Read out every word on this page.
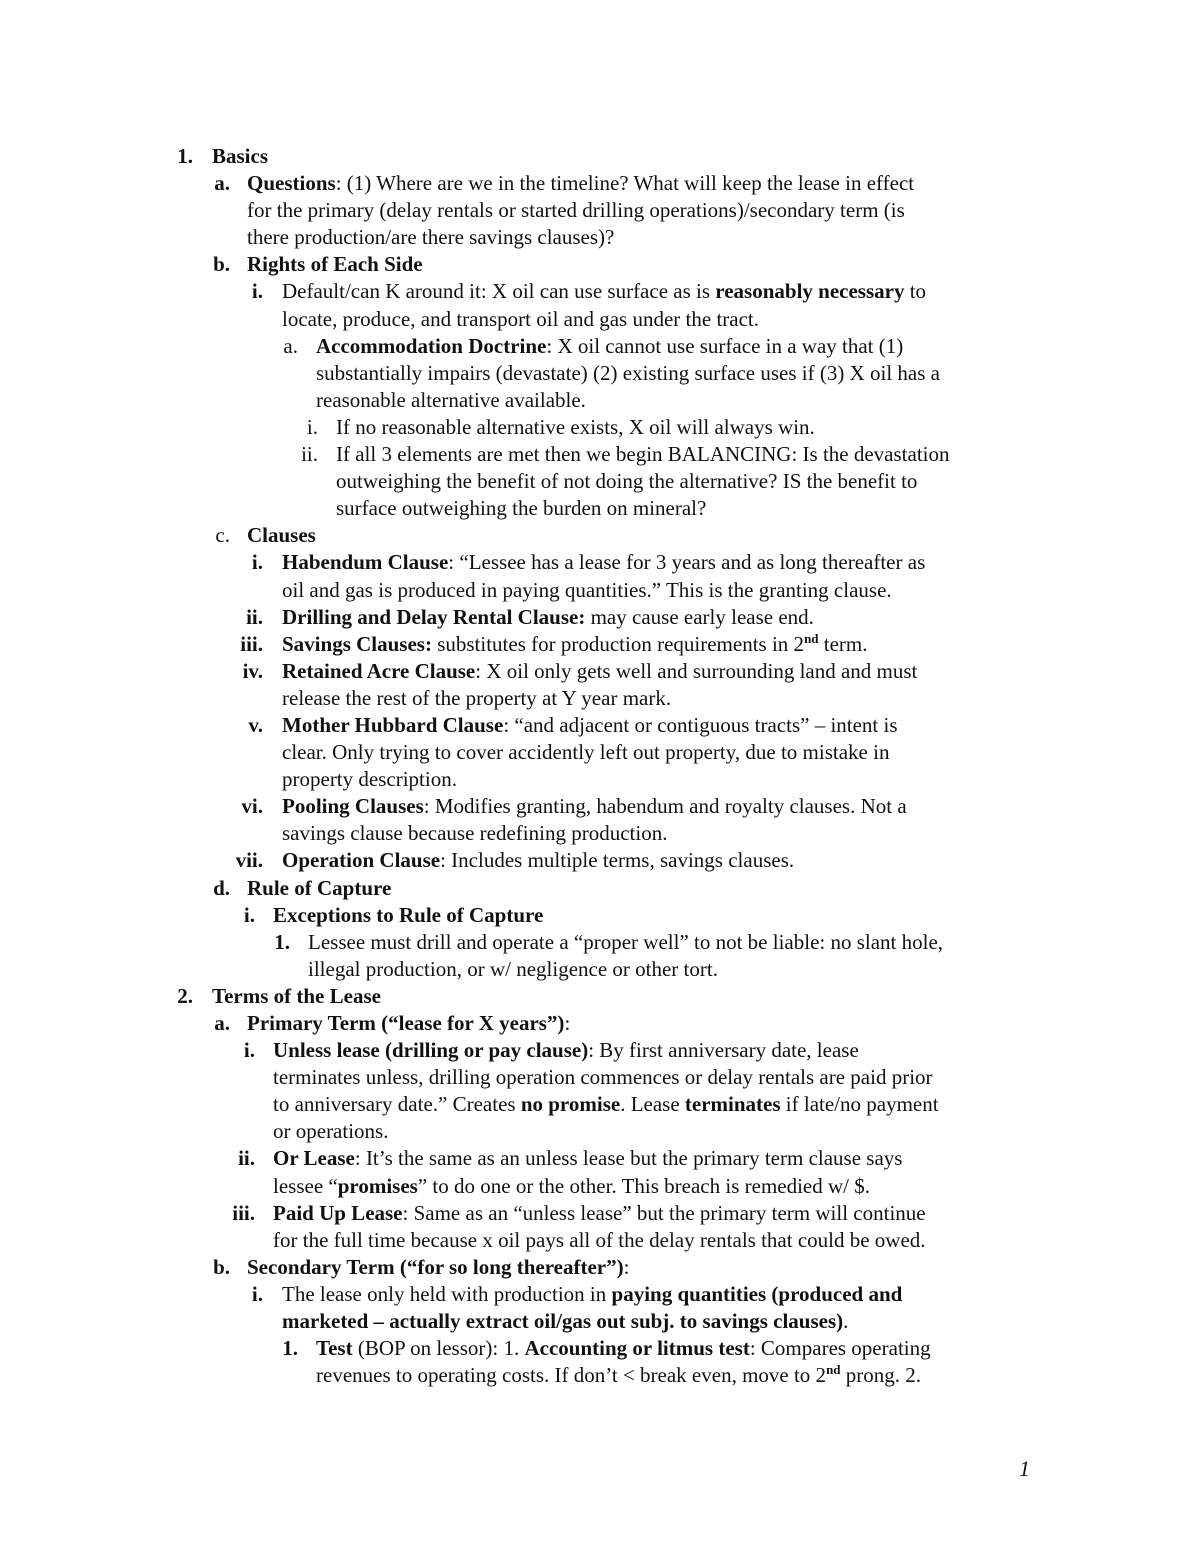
1. Basics
a. Questions: (1) Where are we in the timeline? What will keep the lease in effect
for the primary (delay rentals or started drilling operations)/secondary term (is
there production/are there savings clauses)?
b. Rights of Each Side
i. Default/can K around it: X oil can use surface as is reasonably necessary to
locate, produce, and transport oil and gas under the tract.
a. Accommodation Doctrine: X oil cannot use surface in a way that (1)
substantially impairs (devastate) (2) existing surface uses if (3) X oil has a
reasonable alternative available.
i. If no reasonable alternative exists, X oil will always win.
ii. If all 3 elements are met then we begin BALANCING: Is the devastation
outweighing the benefit of not doing the alternative? IS the benefit to
surface outweighing the burden on mineral?
c. Clauses
i. Habendum Clause: “Lessee has a lease for 3 years and as long thereafter as
oil and gas is produced in paying quantities.” This is the granting clause.
ii. Drilling and Delay Rental Clause: may cause early lease end.
iii. Savings Clauses: substitutes for production requirements in 2nd term.
iv. Retained Acre Clause: X oil only gets well and surrounding land and must
release the rest of the property at Y year mark.
v. Mother Hubbard Clause: “and adjacent or contiguous tracts” – intent is
clear. Only trying to cover accidently left out property, due to mistake in
property description.
vi. Pooling Clauses: Modifies granting, habendum and royalty clauses. Not a
savings clause because redefining production.
vii. Operation Clause: Includes multiple terms, savings clauses.
d. Rule of Capture
i. Exceptions to Rule of Capture
1. Lessee must drill and operate a “proper well” to not be liable: no slant hole,
illegal production, or w/ negligence or other tort.
2. Terms of the Lease
a. Primary Term (“lease for X years”):
i. Unless lease (drilling or pay clause): By first anniversary date, lease
terminates unless, drilling operation commences or delay rentals are paid prior
to anniversary date.” Creates no promise. Lease terminates if late/no payment
or operations.
ii. Or Lease: It’s the same as an unless lease but the primary term clause says
lessee “promises” to do one or the other. This breach is remedied w/ $.
iii. Paid Up Lease: Same as an “unless lease” but the primary term will continue
for the full time because x oil pays all of the delay rentals that could be owed.
b. Secondary Term (“for so long thereafter”):
i. The lease only held with production in paying quantities (produced and
marketed – actually extract oil/gas out subj. to savings clauses).
1. Test (BOP on lessor): 1. Accounting or litmus test: Compares operating
revenues to operating costs. If don’t < break even, move to 2nd prong. 2.
1
